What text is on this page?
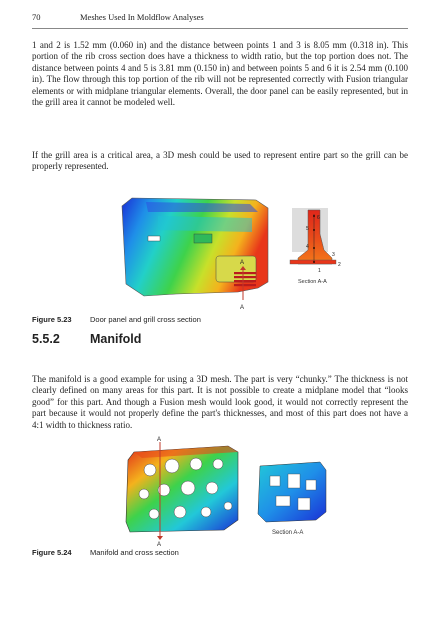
70	Meshes Used In Moldflow Analyses

1 and 2 is 1.52 mm (0.060 in) and the distance between points 1 and 3 is 8.05 mm (0.318 in). This portion of the rib cross section does have a thickness to width ratio, but the top portion does not. The distance between points 4 and 5 is 3.81 mm (0.150 in) and between points 5 and 6 it is 2.54 mm (0.100 in). The flow through this top portion of the rib will not be represented correctly with Fusion triangular elements or with midplane triangular elements. Overall, the door panel can be easily represented, but in the grill area it cannot be modeled well.

If the grill area is a critical area, a 3D mesh could be used to represent entire part so the grill can be properly represented.

A
A
6
5
4
3
1
2
Section A-A
Figure 5.23 Door panel and grill cross section
5.5.2 Manifold

The manifold is a good example for using a 3D mesh. The part is very “chunky.” The thickness is not clearly defined on many areas for this part. It is not possible to create a midplane model that “looks good” for this part. And though a Fusion mesh would look good, it would not correctly represent the part because it would not properly define the part's thicknesses, and most of this part does not have a 4:1 width to thickness ratio.

A
A
Section A-A
Figure 5.24 Manifold and cross section
